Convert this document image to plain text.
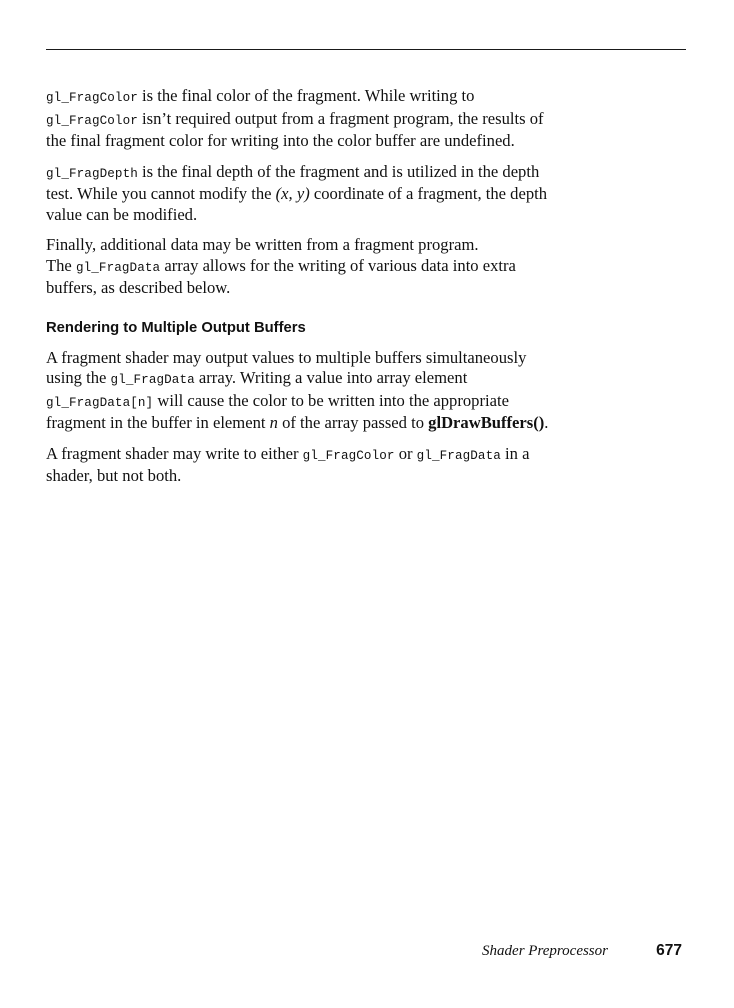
gl_FragColor is the final color of the fragment. While writing to
gl_FragColor isn’t required output from a fragment program, the results of
the final fragment color for writing into the color buffer are undefined.

gl_FragDepth is the final depth of the fragment and is utilized in the depth
test. While you cannot modify the (x, y) coordinate of a fragment, the depth
value can be modified.

Finally, additional data may be written from a fragment program.
The gl_FragData array allows for the writing of various data into extra
buffers, as described below.

Rendering to Multiple Output Buffers

A fragment shader may output values to multiple buffers simultaneously
using the gl_FragData array. Writing a value into array element
gl_FragData[n] will cause the color to be written into the appropriate
fragment in the buffer in element n of the array passed to glDrawBuffers().

A fragment shader may write to either gl_FragColor or gl_FragData in a
shader, but not both.

Shader Preprocessor	677
